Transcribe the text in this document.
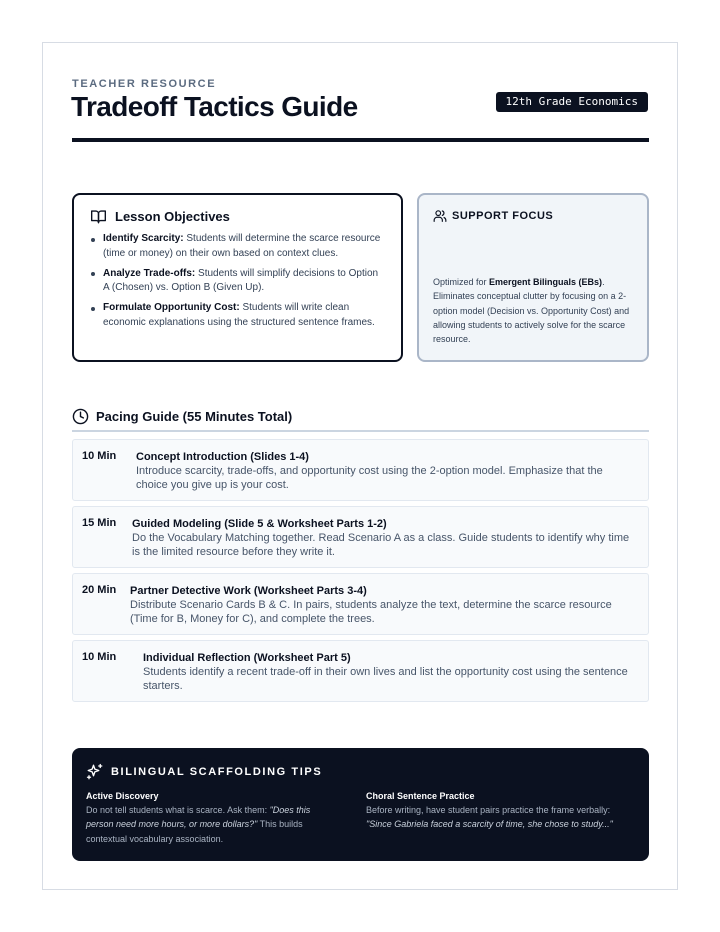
TEACHER RESOURCE
Tradeoff Tactics Guide	12th Grade Economics
Lesson Objectives
Identify Scarcity: Students will determine the scarce resource (time or money) on their own based on context clues.
Analyze Trade-offs: Students will simplify decisions to Option A (Chosen) vs. Option B (Given Up).
Formulate Opportunity Cost: Students will write clean economic explanations using the structured sentence frames.
SUPPORT FOCUS
Optimized for Emergent Bilinguals (EBs). Eliminates conceptual clutter by focusing on a 2-option model (Decision vs. Opportunity Cost) and allowing students to actively solve for the scarce resource.
Pacing Guide (55 Minutes Total)
10 Min Concept Introduction (Slides 1-4)
Introduce scarcity, trade-offs, and opportunity cost using the 2-option model. Emphasize that the choice you give up is your cost.
15 Min Guided Modeling (Slide 5 & Worksheet Parts 1-2)
Do the Vocabulary Matching together. Read Scenario A as a class. Guide students to identify why time is the limited resource before they write it.
20 Min Partner Detective Work (Worksheet Parts 3-4)
Distribute Scenario Cards B & C. In pairs, students analyze the text, determine the scarce resource (Time for B, Money for C), and complete the trees.
10 Min Individual Reflection (Worksheet Part 5)
Students identify a recent trade-off in their own lives and list the opportunity cost using the sentence starters.
BILINGUAL SCAFFOLDING TIPS
Active Discovery
Do not tell students what is scarce. Ask them: "Does this person need more hours, or more dollars?" This builds contextual vocabulary association.
Choral Sentence Practice
Before writing, have student pairs practice the frame verbally: "Since Gabriela faced a scarcity of time, she chose to study..."
